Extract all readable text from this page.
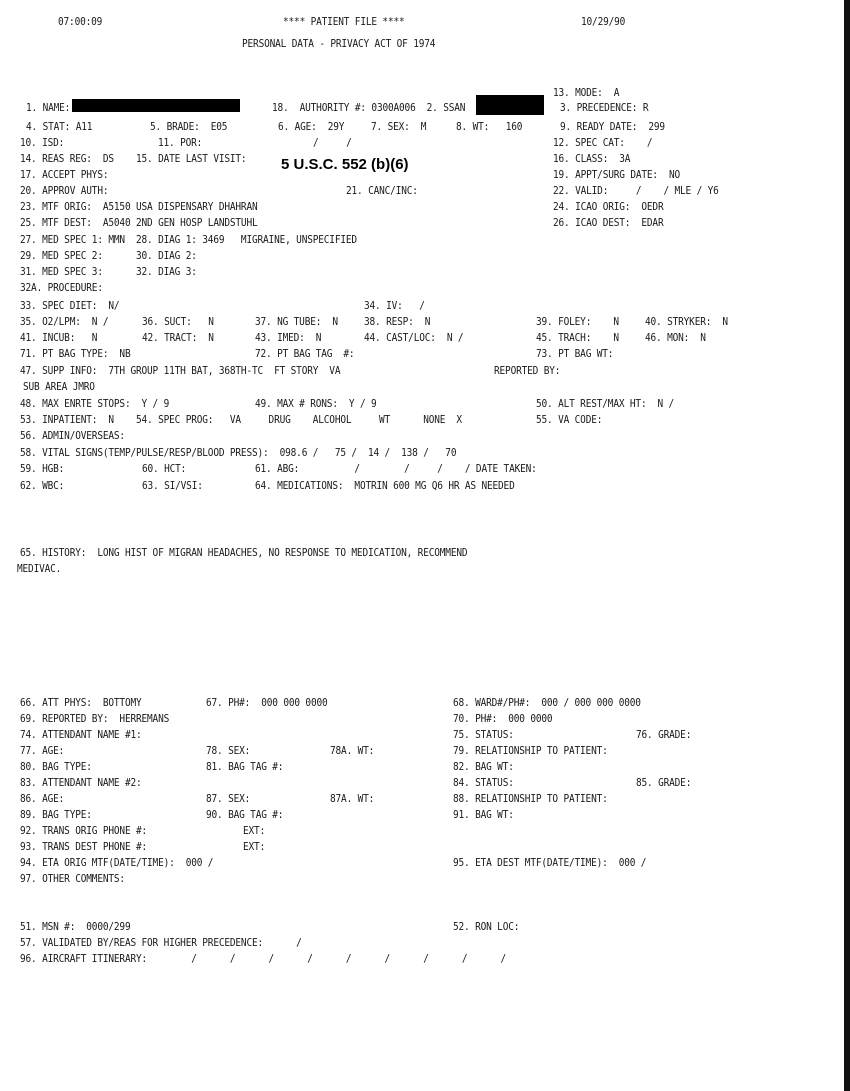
07:00:09	**** PATIENT FILE ****	10/29/90
PERSONAL DATA - PRIVACY ACT OF 1974
5 U.S.C. 552 (b)(6)
13. MODE:  A
1. NAME:	18.  AUTHORITY #: 0300A006  2. SSAN	3. PRECEDENCE: R
4. STAT: A11	5. BRADE:  E05	6. AGE:  29Y 7. SEX:  M	8. WT:   160	9. READY DATE:  299
10. ISD:	11. POR:	/     /	12. SPEC CAT:    /
14. REAS REG:  DS    15. DATE LAST VISIT:	16. CLASS:  3A
17. ACCEPT PHYS:	19. APPT/SURG DATE:  NO
20. APPROV AUTH:	21. CANC/INC:	22. VALID:     /    / MLE / Y6
23. MTF ORIG:  A5150 USA DISPENSARY DHAHRAN	24. ICAO ORIG:  OEDR
25. MTF DEST:  A5040 2ND GEN HOSP LANDSTUHL	26. ICAO DEST:  EDAR
27. MED SPEC 1: MMN  28. DIAG 1: 3469   MIGRAINE, UNSPECIFIED
29. MED SPEC 2:      30. DIAG 2:
31. MED SPEC 3:      32. DIAG 3:
32A. PROCEDURE:
33. SPEC DIET:  N/	34. IV:   /
35. O2/LPM:  N /	36. SUCT:   N	37. NG TUBE:  N 38. RESP:  N	39. FOLEY:    N 40. STRYKER:  N
41. INCUB:   N	42. TRACT:  N	43. IMED:  N	44. CAST/LOC:  N /	45. TRACH:    N 46. MON:  N
71. PT BAG TYPE:  NB	72. PT BAG TAG  #:	73. PT BAG WT:
47. SUPP INFO:  7TH GROUP 11TH BAT, 368TH-TC  FT STORY  VA	REPORTED BY:
SUB AREA JMRO
48. MAX ENRTE STOPS:  Y / 9	49. MAX # RONS:  Y / 9	50. ALT REST/MAX HT:  N /
53. INPATIENT:  N    54. SPEC PROG:   VA     DRUG    ALCOHOL     WT      NONE  X	55. VA CODE:
56. ADMIN/OVERSEAS:
58. VITAL SIGNS(TEMP/PULSE/RESP/BLOOD PRESS):  098.6 /   75 /  14 /  138 /   70
59. HGB:	60. HCT:	61. ABG:          /        /     /    / DATE TAKEN:
62. WBC:	63. SI/VSI:	64. MEDICATIONS:  MOTRIN 600 MG Q6 HR AS NEEDED
65. HISTORY:  LONG HIST OF MIGRAN HEADACHES, NO RESPONSE TO MEDICATION, RECOMMEND
MEDIVAC.
66. ATT PHYS:  BOTTOMY	67. PH#:  000 000 0000	68. WARD#/PH#:  000 / 000 000 0000
69. REPORTED BY:  HERREMANS	70. PH#:  000 0000
74. ATTENDANT NAME #1:	75. STATUS:	76. GRADE:
77. AGE:	78. SEX:	78A. WT:	79. RELATIONSHIP TO PATIENT:
80. BAG TYPE:	81. BAG TAG #:	82. BAG WT:
83. ATTENDANT NAME #2:	84. STATUS:	85. GRADE:
86. AGE:	87. SEX:	87A. WT:	88. RELATIONSHIP TO PATIENT:
89. BAG TYPE:	90. BAG TAG #:	91. BAG WT:
92. TRANS ORIG PHONE #:	EXT:
93. TRANS DEST PHONE #:	EXT:
94. ETA ORIG MTF(DATE/TIME):  000 /	95. ETA DEST MTF(DATE/TIME):  000 /
97. OTHER COMMENTS:
51. MSN #:  0000/299	52. RON LOC:
57. VALIDATED BY/REAS FOR HIGHER PRECEDENCE:      /
96. AIRCRAFT ITINERARY:        /      /      /      /      /      /      /      /      /
